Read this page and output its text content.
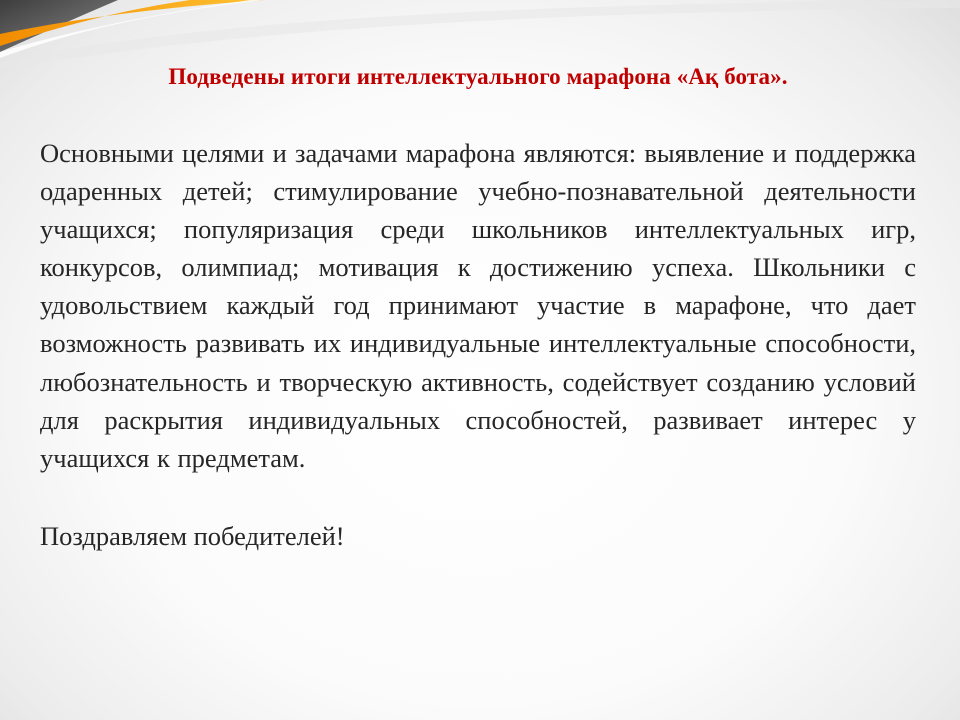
Подведены итоги интеллектуального марафона «Ақ бота».

Основными целями и задачами марафона являются: выявление и поддержка одаренных детей; стимулирование учебно-познавательной деятельности учащихся; популяризация среди школьников интеллектуальных игр, конкурсов, олимпиад; мотивация к достижению успеха. Школьники с удовольствием каждый год принимают участие в марафоне, что дает возможность развивать их индивидуальные интеллектуальные способности, любознательность и творческую активность, содействует созданию условий для раскрытия индивидуальных способностей, развивает интерес у учащихся к предметам.

Поздравляем победителей!
